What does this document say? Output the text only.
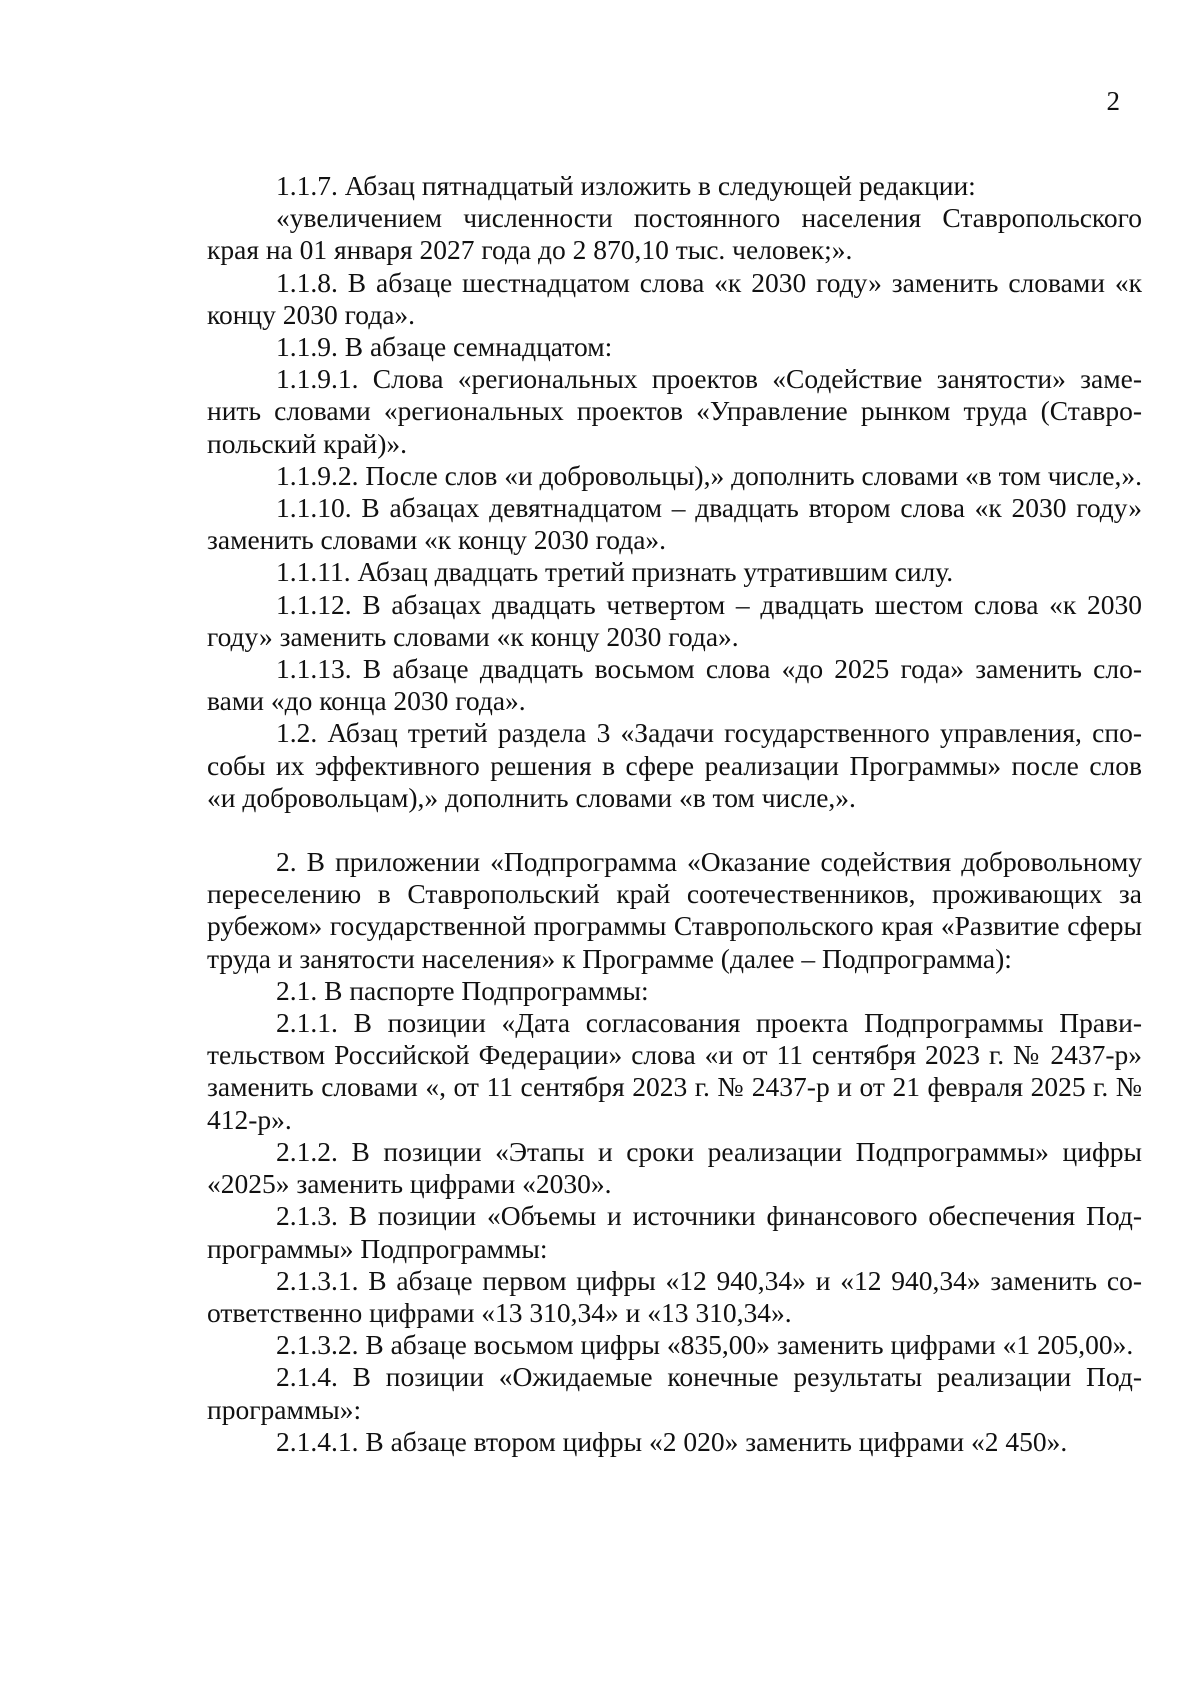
2

1.1.7. Абзац пятнадцатый изложить в следующей редакции:

«увеличением численности постоянного населения Ставропольского края на 01 января 2027 года до 2 870,10 тыс. человек;».

1.1.8. В абзаце шестнадцатом слова «к 2030 году» заменить словами «к концу 2030 года».

1.1.9. В абзаце семнадцатом:

1.1.9.1. Слова «региональных проектов «Содействие занятости» заменить словами «региональных проектов «Управление рынком труда (Ставропольский край)».

1.1.9.2. После слов «и добровольцы),» дополнить словами «в том числе,».

1.1.10. В абзацах девятнадцатом – двадцать втором слова «к 2030 году» заменить словами «к концу 2030 года».

1.1.11. Абзац двадцать третий признать утратившим силу.

1.1.12. В абзацах двадцать четвертом – двадцать шестом слова «к 2030 году» заменить словами «к концу 2030 года».

1.1.13. В абзаце двадцать восьмом слова «до 2025 года» заменить словами «до конца 2030 года».

1.2. Абзац третий раздела 3 «Задачи государственного управления, способы их эффективного решения в сфере реализации Программы» после слов «и добровольцам),» дополнить словами «в том числе,».

2. В приложении «Подпрограмма «Оказание содействия добровольному переселению в Ставропольский край соотечественников, проживающих за рубежом» государственной программы Ставропольского края «Развитие сферы труда и занятости населения» к Программе (далее – Подпрограмма):

2.1. В паспорте Подпрограммы:

2.1.1. В позиции «Дата согласования проекта Подпрограммы Правительством Российской Федерации» слова «и от 11 сентября 2023 г. № 2437-р» заменить словами «, от 11 сентября 2023 г. № 2437-р и от 21 февраля 2025 г. № 412-р».

2.1.2. В позиции «Этапы и сроки реализации Подпрограммы» цифры «2025» заменить цифрами «2030».

2.1.3. В позиции «Объемы и источники финансового обеспечения Подпрограммы» Подпрограммы:

2.1.3.1. В абзаце первом цифры «12 940,34» и «12 940,34» заменить соответственно цифрами «13 310,34» и «13 310,34».

2.1.3.2. В абзаце восьмом цифры «835,00» заменить цифрами «1 205,00».

2.1.4. В позиции «Ожидаемые конечные результаты реализации Подпрограммы»:

2.1.4.1. В абзаце втором цифры «2 020» заменить цифрами «2 450».
